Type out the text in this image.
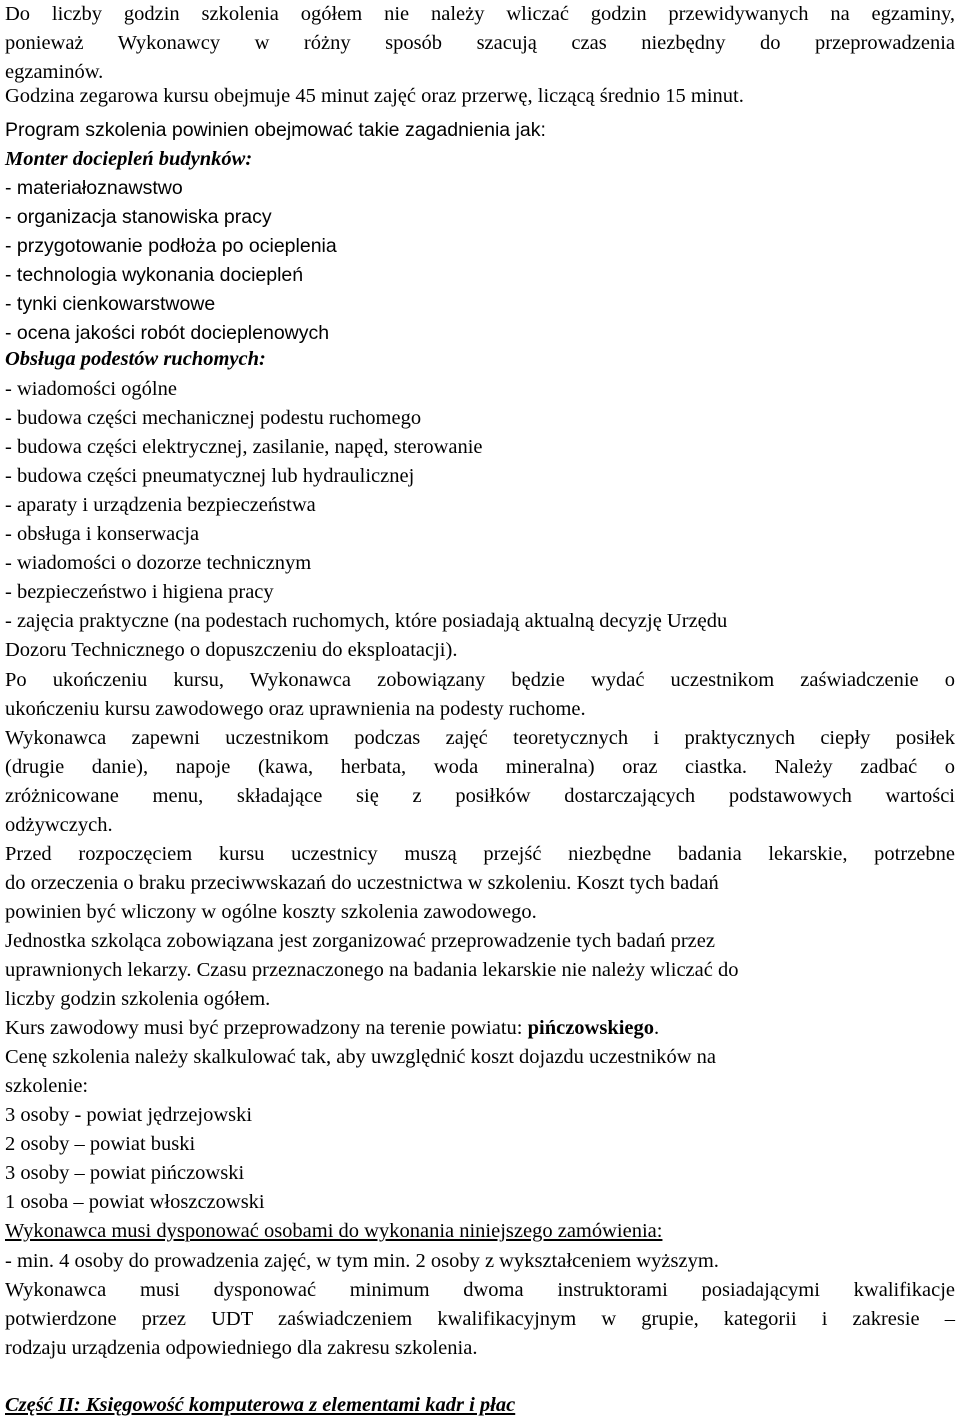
Do liczby godzin szkolenia ogółem nie należy wliczać godzin przewidywanych na egzaminy,
ponieważ Wykonawcy w różny sposób szacują czas niezbędny do przeprowadzenia
egzaminów.
Godzina zegarowa kursu obejmuje 45 minut zajęć oraz przerwę, liczącą średnio 15 minut.
Program szkolenia powinien obejmować takie zagadnienia jak:
Monter dociepleń budynków:
- materiałoznawstwo
- organizacja stanowiska pracy
- przygotowanie podłoża po ocieplenia
- technologia wykonania dociepleń
- tynki cienkowarstwowe
- ocena jakości robót docieplenowych
Obsługa podestów ruchomych:
- wiadomości ogólne
- budowa części mechanicznej podestu ruchomego
- budowa części elektrycznej, zasilanie, napęd, sterowanie
- budowa części pneumatycznej lub hydraulicznej
- aparaty i urządzenia bezpieczeństwa
- obsługa i konserwacja
- wiadomości o dozorze technicznym
- bezpieczeństwo i higiena pracy
- zajęcia praktyczne (na podestach ruchomych, które posiadają aktualną decyzję Urzędu
Dozoru Technicznego o dopuszczeniu do eksploatacji).
Po ukończeniu kursu, Wykonawca zobowiązany będzie wydać uczestnikom zaświadczenie o
ukończeniu kursu zawodowego oraz uprawnienia na podesty ruchome.
Wykonawca zapewni uczestnikom podczas zajęć teoretycznych i praktycznych ciepły posiłek
(drugie danie), napoje (kawa, herbata, woda mineralna) oraz ciastka. Należy zadbać o
zróżnicowane menu, składające się z posiłków dostarczających podstawowych wartości
odżywczych.
Przed rozpoczęciem kursu uczestnicy muszą przejść niezbędne badania lekarskie, potrzebne
do orzeczenia o braku przeciwwskazań do uczestnictwa w szkoleniu. Koszt tych badań
powinien być wliczony w ogólne koszty szkolenia zawodowego.
Jednostka szkoląca zobowiązana jest zorganizować przeprowadzenie tych badań przez
uprawnionych lekarzy. Czasu przeznaczonego na badania lekarskie nie należy wliczać do
liczby godzin szkolenia ogółem.
Kurs zawodowy musi być przeprowadzony na terenie powiatu: pińczowskiego.
Cenę szkolenia należy skalkulować tak, aby uwzględnić koszt dojazdu uczestników na
szkolenie:
3 osoby - powiat jędrzejowski
2 osoby – powiat buski
3 osoby – powiat pińczowski
1 osoba – powiat włoszczowski
Wykonawca musi dysponować osobami do wykonania niniejszego zamówienia:
- min. 4 osoby do prowadzenia zajęć, w tym min. 2 osoby z wykształceniem wyższym.
Wykonawca musi dysponować minimum dwoma instruktorami posiadającymi kwalifikacje
potwierdzone przez UDT zaświadczeniem kwalifikacyjnym w grupie, kategorii i zakresie –
rodzaju urządzenia odpowiedniego dla zakresu szkolenia.
Część II: Księgowość komputerowa z elementami kadr i płac
